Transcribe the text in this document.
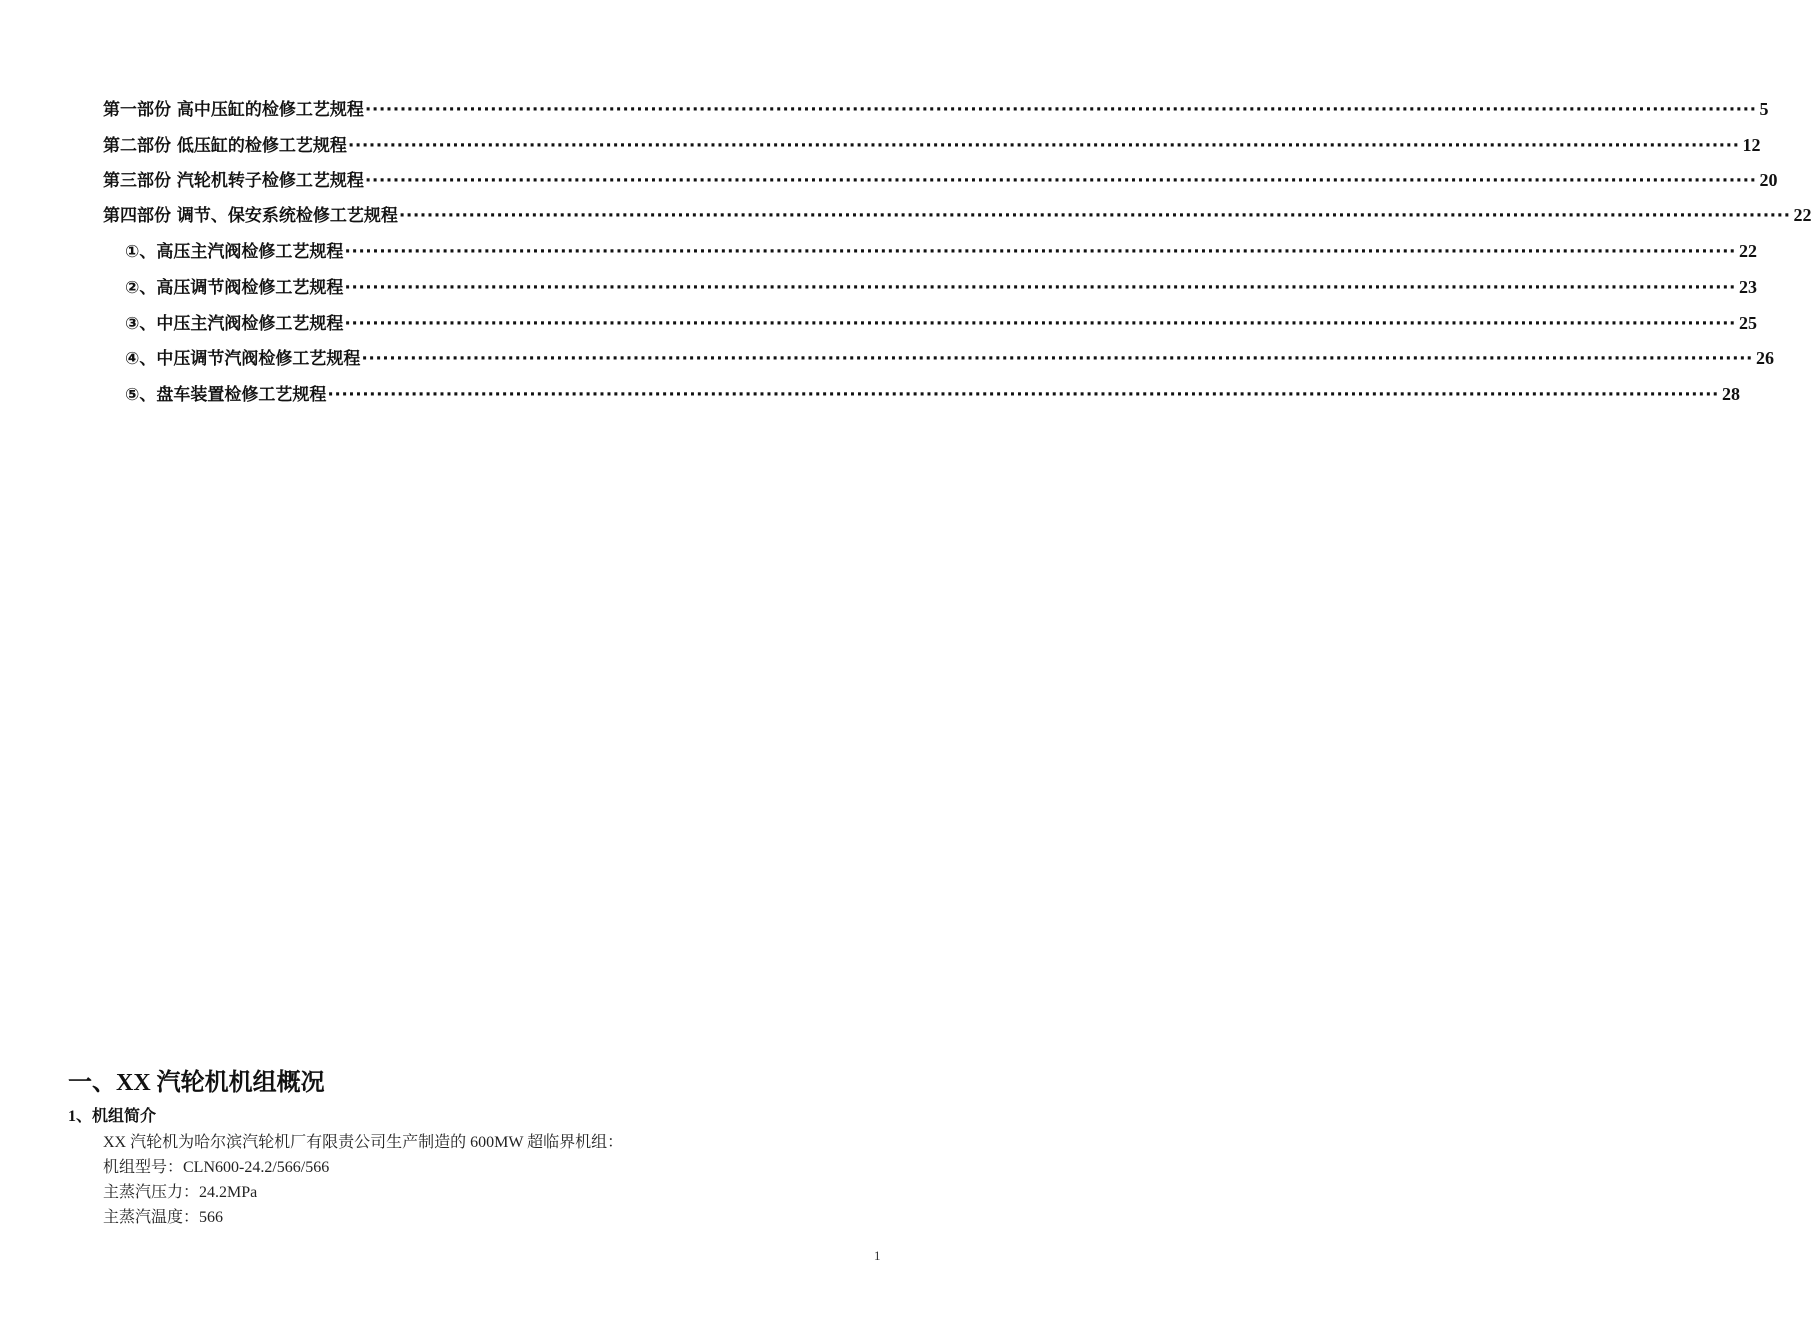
第一部份 高中压缸的检修工艺规程 ········································································································································································································ 5
第二部份 低压缸的检修工艺规程 ········································································································································································································ 12
第三部份 汽轮机转子检修工艺规程 ········································································································································································································ 20
第四部份 调节、保安系统检修工艺规程 ········································································································································································································ 22
①、 高压主汽阀检修工艺规程 ········································································································································································································ 22
②、 高压调节阀检修工艺规程 ········································································································································································································ 23
③、 中压主汽阀检修工艺规程 ········································································································································································································ 25
④、 中压调节汽阀检修工艺规程 ········································································································································································································ 26
⑤、 盘车装置检修工艺规程 ········································································································································································································ 28
一、XX 汽轮机机组概况
1、机组简介
XX 汽轮机为哈尔滨汽轮机厂有限责公司生产制造的 600MW 超临界机组：
机组型号：CLN600-24.2/566/566
主蒸汽压力：24.2MPa
主蒸汽温度：566
1
